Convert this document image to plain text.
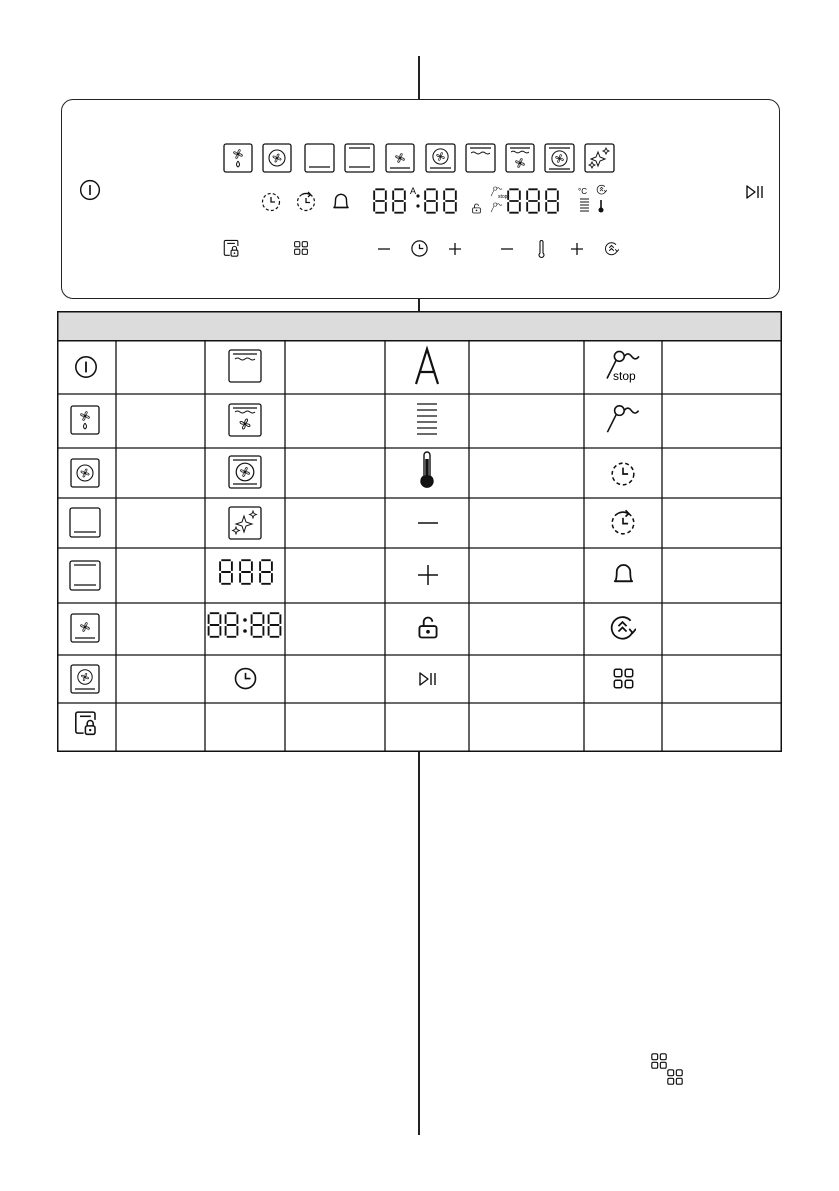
A
stop
°C
stop
